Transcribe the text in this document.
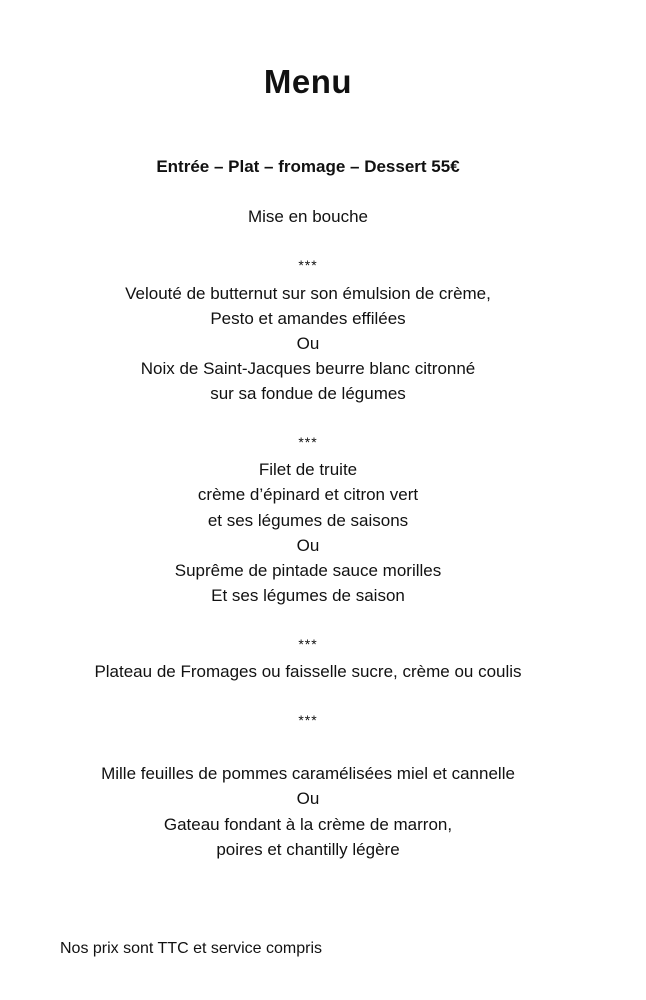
Menu
Entrée – Plat – fromage – Dessert 55€
Mise en bouche
***
Velouté de butternut sur son émulsion de crème,
Pesto et amandes effilées
Ou
Noix de Saint-Jacques beurre blanc citronné
sur sa fondue de légumes
***
Filet de truite
crème d’épinard et citron vert
et ses légumes de saisons
Ou
Suprême de pintade sauce morilles
Et ses légumes de saison
***
Plateau de Fromages ou faisselle sucre, crème ou coulis
***
Mille feuilles de pommes caramélisées miel et cannelle
Ou
Gateau fondant à la crème de marron,
poires et chantilly légère
Nos prix sont TTC et service compris
